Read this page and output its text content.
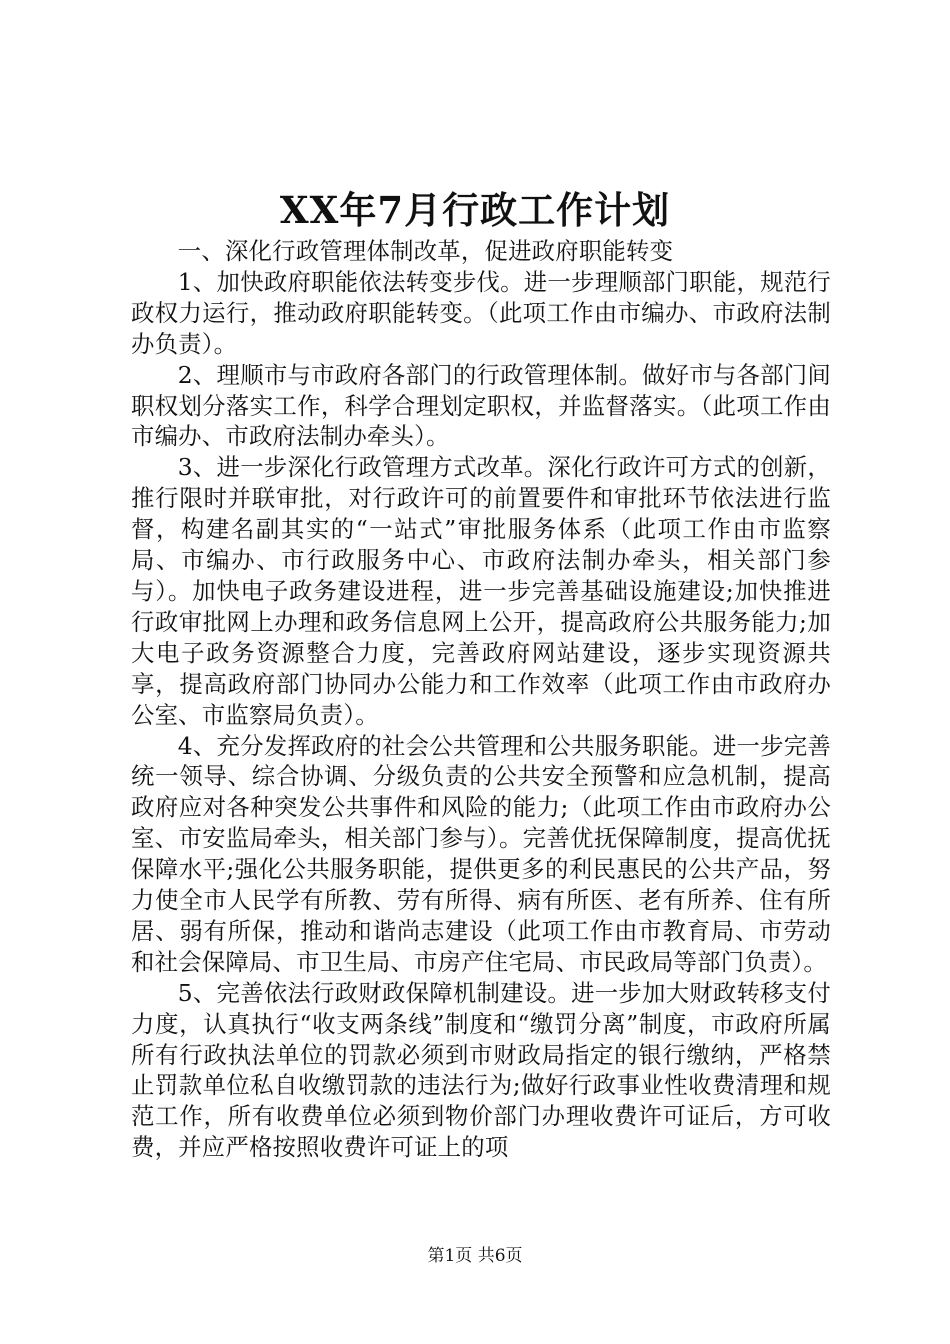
XX年7月行政工作计划

一、深化行政管理体制改革，促进政府职能转变

1、加快政府职能依法转变步伐。进一步理顺部门职能，规范行政权力运行，推动政府职能转变。（此项工作由市编办、市政府法制办负责）。

2、理顺市与市政府各部门的行政管理体制。做好市与各部门间职权划分落实工作，科学合理划定职权，并监督落实。（此项工作由市编办、市政府法制办牵头）。

3、进一步深化行政管理方式改革。深化行政许可方式的创新，推行限时并联审批，对行政许可的前置要件和审批环节依法进行监督，构建名副其实的“一站式”审批服务体系（此项工作由市监察局、市编办、市行政服务中心、市政府法制办牵头，相关部门参与）。加快电子政务建设进程，进一步完善基础设施建设;加快推进行政审批网上办理和政务信息网上公开，提高政府公共服务能力;加大电子政务资源整合力度，完善政府网站建设，逐步实现资源共享，提高政府部门协同办公能力和工作效率（此项工作由市政府办公室、市监察局负责）。

4、充分发挥政府的社会公共管理和公共服务职能。进一步完善统一领导、综合协调、分级负责的公共安全预警和应急机制，提高政府应对各种突发公共事件和风险的能力;（此项工作由市政府办公室、市安监局牵头，相关部门参与）。完善优抚保障制度，提高优抚保障水平;强化公共服务职能，提供更多的利民惠民的公共产品，努力使全市人民学有所教、劳有所得、病有所医、老有所养、住有所居、弱有所保，推动和谐尚志建设（此项工作由市教育局、市劳动和社会保障局、市卫生局、市房产住宅局、市民政局等部门负责）。

5、完善依法行政财政保障机制建设。进一步加大财政转移支付力度，认真执行“收支两条线”制度和“缴罚分离”制度，市政府所属所有行政执法单位的罚款必须到市财政局指定的银行缴纳，严格禁止罚款单位私自收缴罚款的违法行为;做好行政事业性收费清理和规范工作，所有收费单位必须到物价部门办理收费许可证后，方可收费，并应严格按照收费许可证上的项

第1页 共6页
